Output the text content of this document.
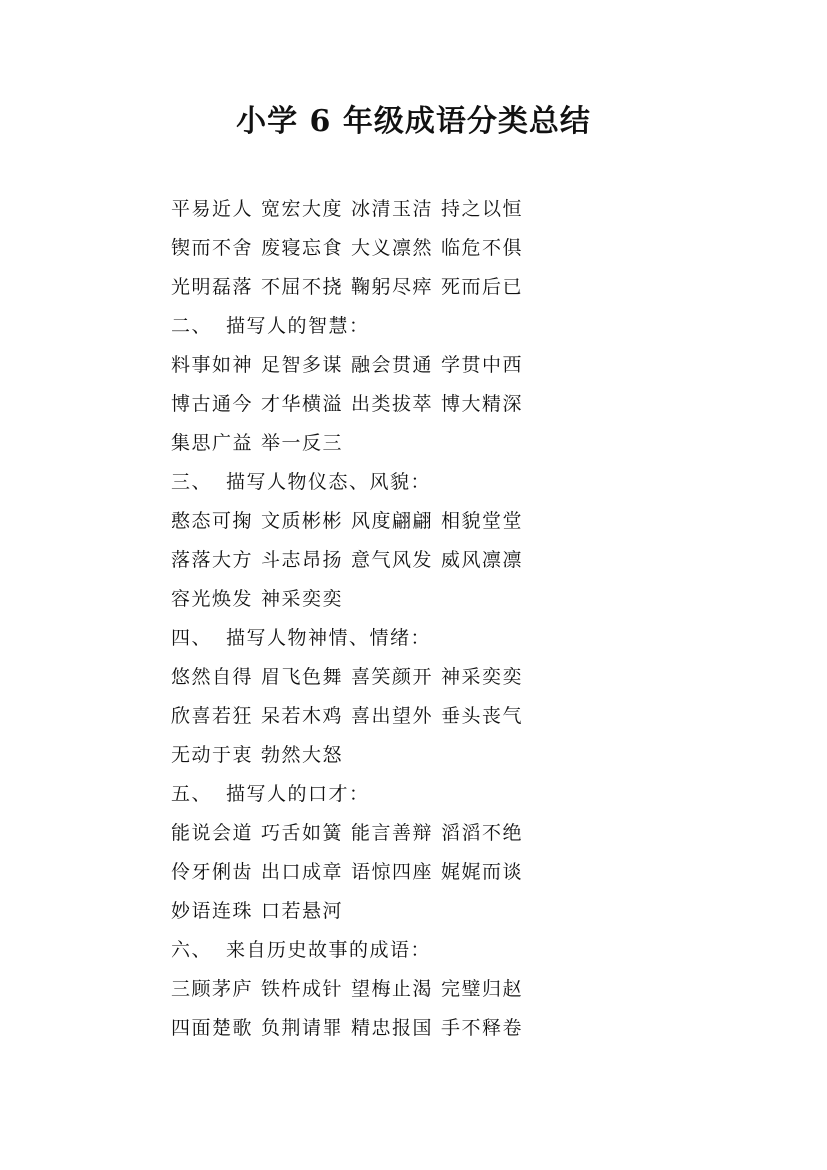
小学 6 年级成语分类总结
平易近人 宽宏大度 冰清玉洁 持之以恒
锲而不舍 废寝忘食 大义凛然 临危不俱
光明磊落 不屈不挠 鞠躬尽瘁 死而后已
二、 描写人的智慧：
料事如神 足智多谋 融会贯通 学贯中西
博古通今 才华横溢 出类拔萃 博大精深
集思广益 举一反三
三、 描写人物仪态、风貌：
憨态可掬 文质彬彬 风度翩翩 相貌堂堂
落落大方 斗志昂扬 意气风发 威风凛凛
容光焕发 神采奕奕
四、 描写人物神情、情绪：
悠然自得 眉飞色舞 喜笑颜开 神采奕奕
欣喜若狂 呆若木鸡 喜出望外 垂头丧气
无动于衷 勃然大怒
五、 描写人的口才：
能说会道 巧舌如簧 能言善辩 滔滔不绝
伶牙俐齿 出口成章 语惊四座 娓娓而谈
妙语连珠 口若悬河
六、 来自历史故事的成语：
三顾茅庐 铁杵成针 望梅止渴 完璧归赵
四面楚歌 负荆请罪 精忠报国 手不释卷
